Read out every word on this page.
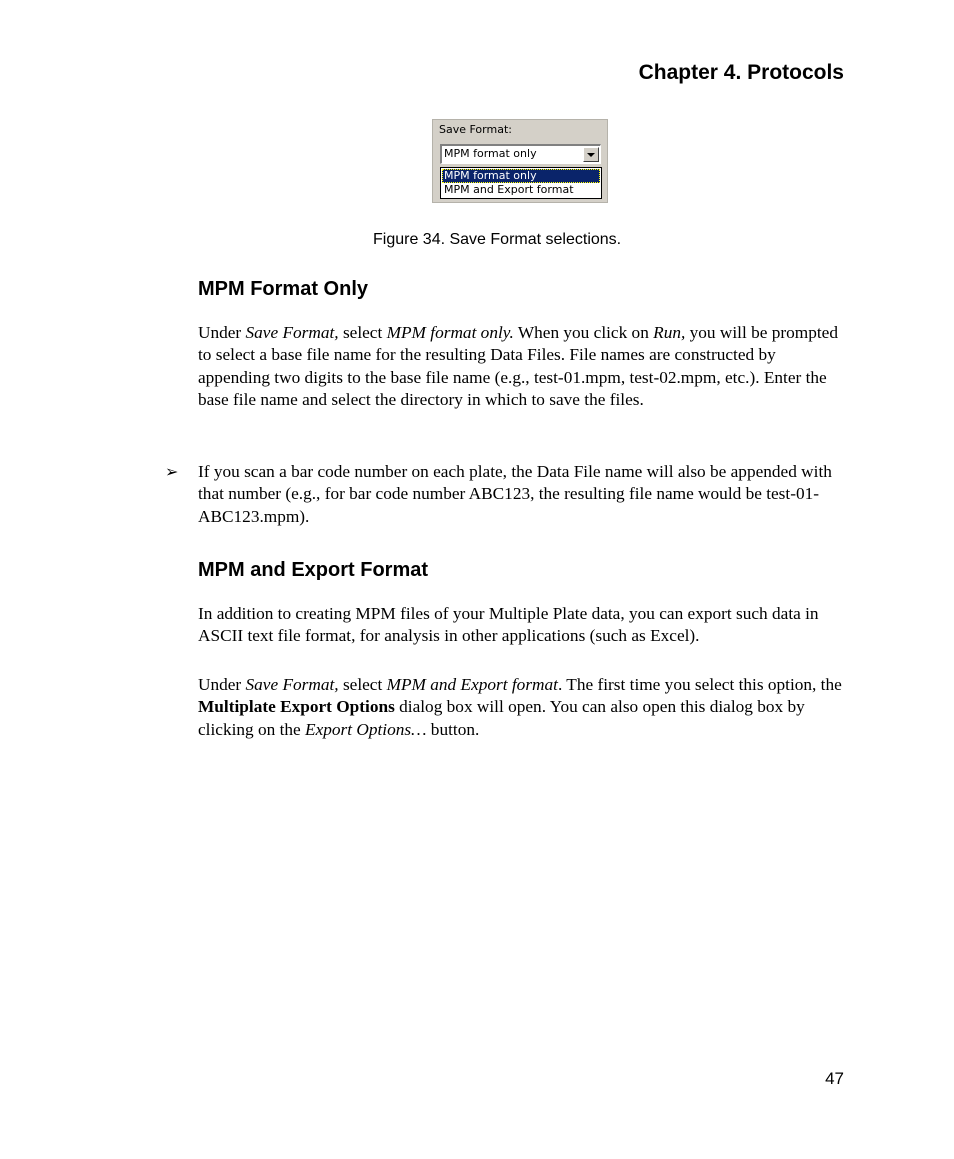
Chapter 4. Protocols
Save Format:
MPM format only
MPM format only
MPM and Export format
Figure 34. Save Format selections.
MPM Format Only

Under Save Format, select MPM format only. When you click on Run, you will be prompted to select a base file name for the resulting Data Files. File names are constructed by appending two digits to the base file name (e.g., test-01.mpm, test-02.mpm, etc.). Enter the base file name and select the directory in which to save the files.

➢ If you scan a bar code number on each plate, the Data File name will also be appended with that number (e.g., for bar code number ABC123, the resulting file name would be test-01-ABC123.mpm).

MPM and Export Format

In addition to creating MPM files of your Multiple Plate data, you can export such data in ASCII text file format, for analysis in other applications (such as Excel).

Under Save Format, select MPM and Export format. The first time you select this option, the Multiplate Export Options dialog box will open. You can also open this dialog box by clicking on the Export Options… button.

47
